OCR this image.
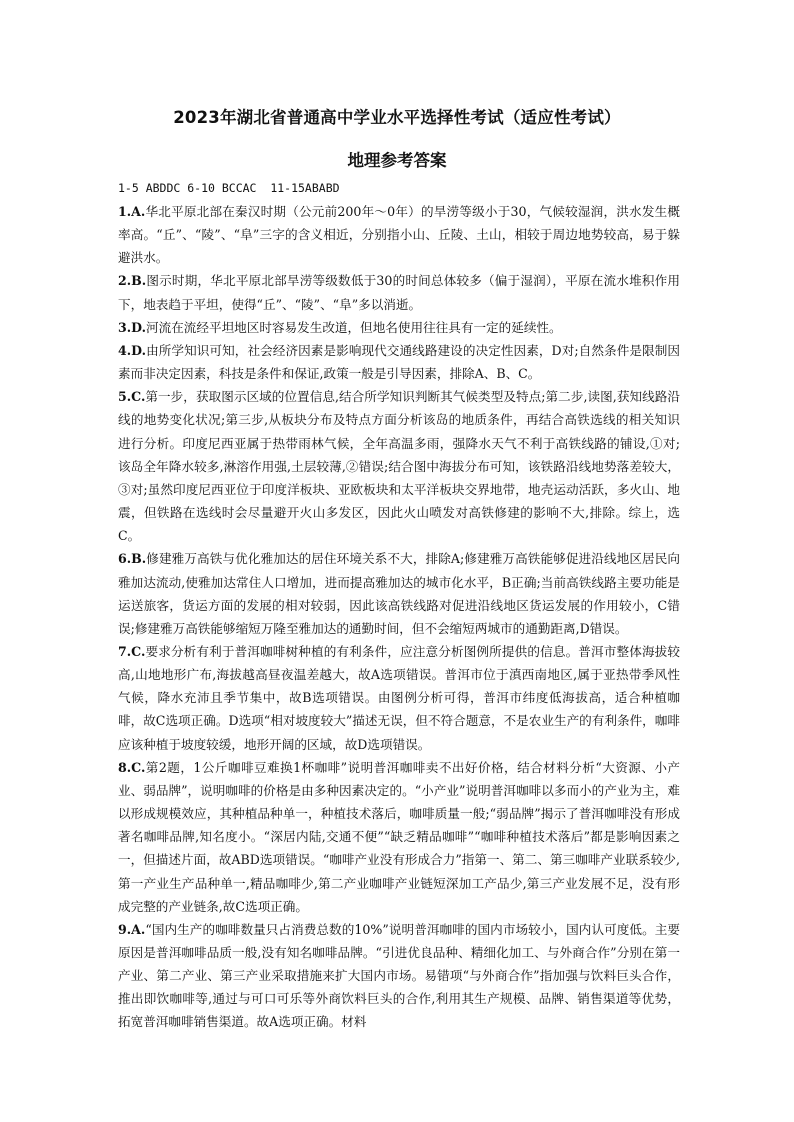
2023年湖北省普通高中学业水平选择性考试（适应性考试）
地理参考答案
1-5 ABDDC 6-10 BCCAC  11-15ABABD

1.A.华北平原北部在秦汉时期（公元前200年～0年）的旱涝等级小于30，气候较湿润，洪水发生概率高。“丘”、“陵”、“阜”三字的含义相近，分别指小山、丘陵、土山，相较于周边地势较高，易于躲避洪水。

2.B.图示时期，华北平原北部旱涝等级数低于30的时间总体较多（偏于湿润），平原在流水堆积作用下，地表趋于平坦，使得“丘”、“陵”、“阜”多以消逝。

3.D.河流在流经平坦地区时容易发生改道，但地名使用往往具有一定的延续性。

4.D.由所学知识可知，社会经济因素是影响现代交通线路建设的决定性因素，D对;自然条件是限制因素而非决定因素，科技是条件和保证,政策一般是引导因素，排除A、B、C。

5.C.第一步，获取图示区域的位置信息,结合所学知识判断其气候类型及特点;第二步,读图,获知线路沿线的地势变化状况;第三步,从板块分布及特点方面分析该岛的地质条件，再结合高铁选线的相关知识进行分析。印度尼西亚属于热带雨林气候，全年高温多雨，强降水天气不利于高铁线路的铺设,①对;该岛全年降水较多,淋溶作用强,土层较薄,②错误;结合图中海拔分布可知，该铁路沿线地势落差较大，③对;虽然印度尼西亚位于印度洋板块、亚欧板块和太平洋板块交界地带，地壳运动活跃，多火山、地震，但铁路在选线时会尽量避开火山多发区，因此火山喷发对高铁修建的影响不大,排除。综上，选C。

6.B.修建雅万高铁与优化雅加达的居住环境关系不大，排除A;修建雅万高铁能够促进沿线地区居民向雅加达流动,使雅加达常住人口增加，进而提高雅加达的城市化水平，B正确;当前高铁线路主要功能是运送旅客，货运方面的发展的相对较弱，因此该高铁线路对促进沿线地区货运发展的作用较小，C错误;修建雅万高铁能够缩短万隆至雅加达的通勤时间，但不会缩短两城市的通勤距离,D错误。

7.C.要求分析有利于普洱咖啡树种植的有利条件，应注意分析图例所提供的信息。普洱市整体海拔较高,山地地形广布,海拔越高昼夜温差越大，故A选项错误。普洱市位于滇西南地区,属于亚热带季风性气候，降水充沛且季节集中，故B选项错误。由图例分析可得，普洱市纬度低海拔高，适合种植咖啡，故C选项正确。D选项“相对坡度较大”描述无误，但不符合题意，不是农业生产的有利条件，咖啡应该种植于坡度较缓，地形开阔的区域，故D选项错误。

8.C.第2题，1公斤咖啡豆难换1杯咖啡”说明普洱咖啡卖不出好价格，结合材料分析“大资源、小产业、弱品牌”，说明咖啡的价格是由多种因素决定的。“小产业”说明普洱咖啡以多而小的产业为主，难以形成规模效应，其种植品种单一，种植技术落后，咖啡质量一般;“弱品牌”揭示了普洱咖啡没有形成著名咖啡品牌,知名度小。“深居内陆,交通不便”“缺乏精品咖啡”“咖啡种植技术落后”都是影响因素之一，但描述片面，故ABD选项错误。“咖啡产业没有形成合力”指第一、第二、第三咖啡产业联系较少,第一产业生产品种单一,精品咖啡少,第二产业咖啡产业链短深加工产品少,第三产业发展不足，没有形成完整的产业链条,故C选项正确。

9.A.“国内生产的咖啡数量只占消费总数的10%”说明普洱咖啡的国内市场较小，国内认可度低。主要原因是普洱咖啡品质一般,没有知名咖啡品牌。“引进优良品种、精细化加工、与外商合作”分别在第一产业、第二产业、第三产业采取措施来扩大国内市场。易错项“与外商合作”指加强与饮料巨头合作，推出即饮咖啡等,通过与可口可乐等外商饮料巨头的合作,利用其生产规模、品牌、销售渠道等优势，拓宽普洱咖啡销售渠道。故A选项正确。材料
